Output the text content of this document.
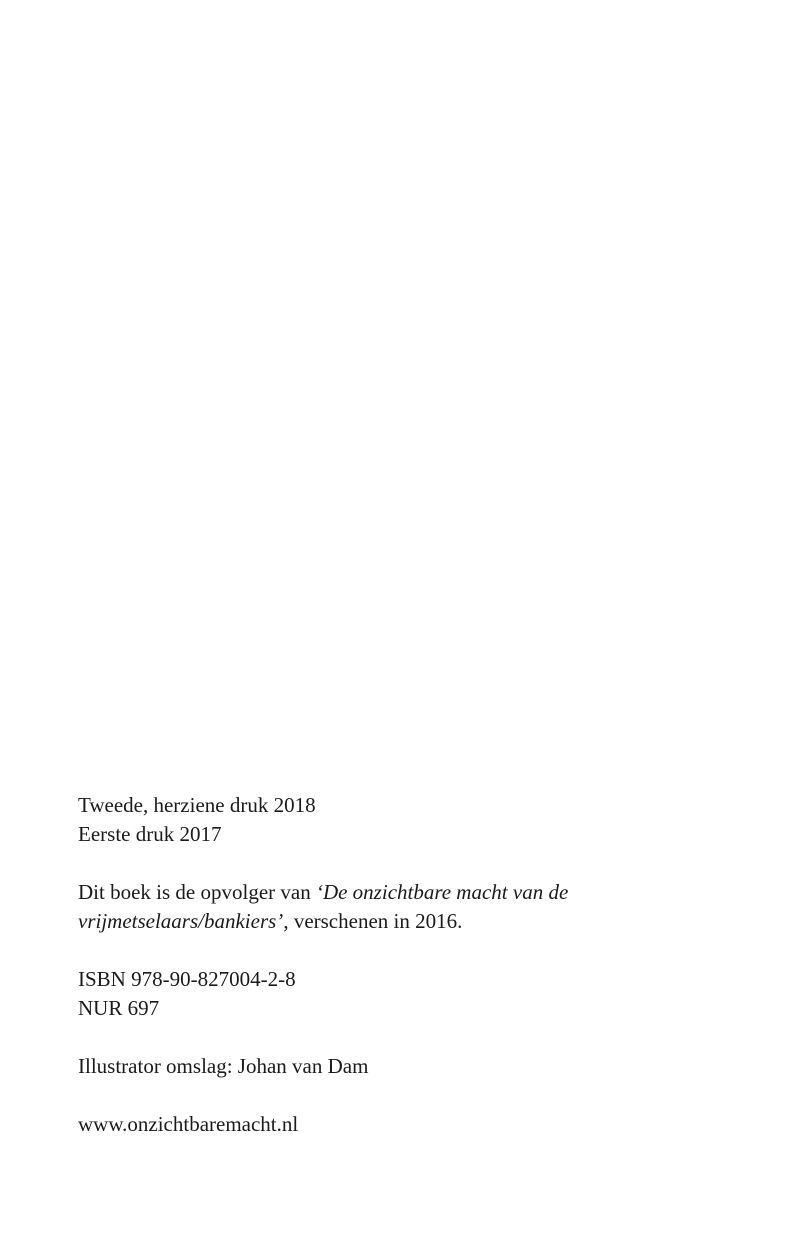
Tweede, herziene druk 2018
Eerste druk 2017
Dit boek is de opvolger van ‘De onzichtbare macht van de
vrijmetselaars/bankiers’, verschenen in 2016.
ISBN 978-90-827004-2-8
NUR 697
Illustrator omslag: Johan van Dam
www.onzichtbaremacht.nl
